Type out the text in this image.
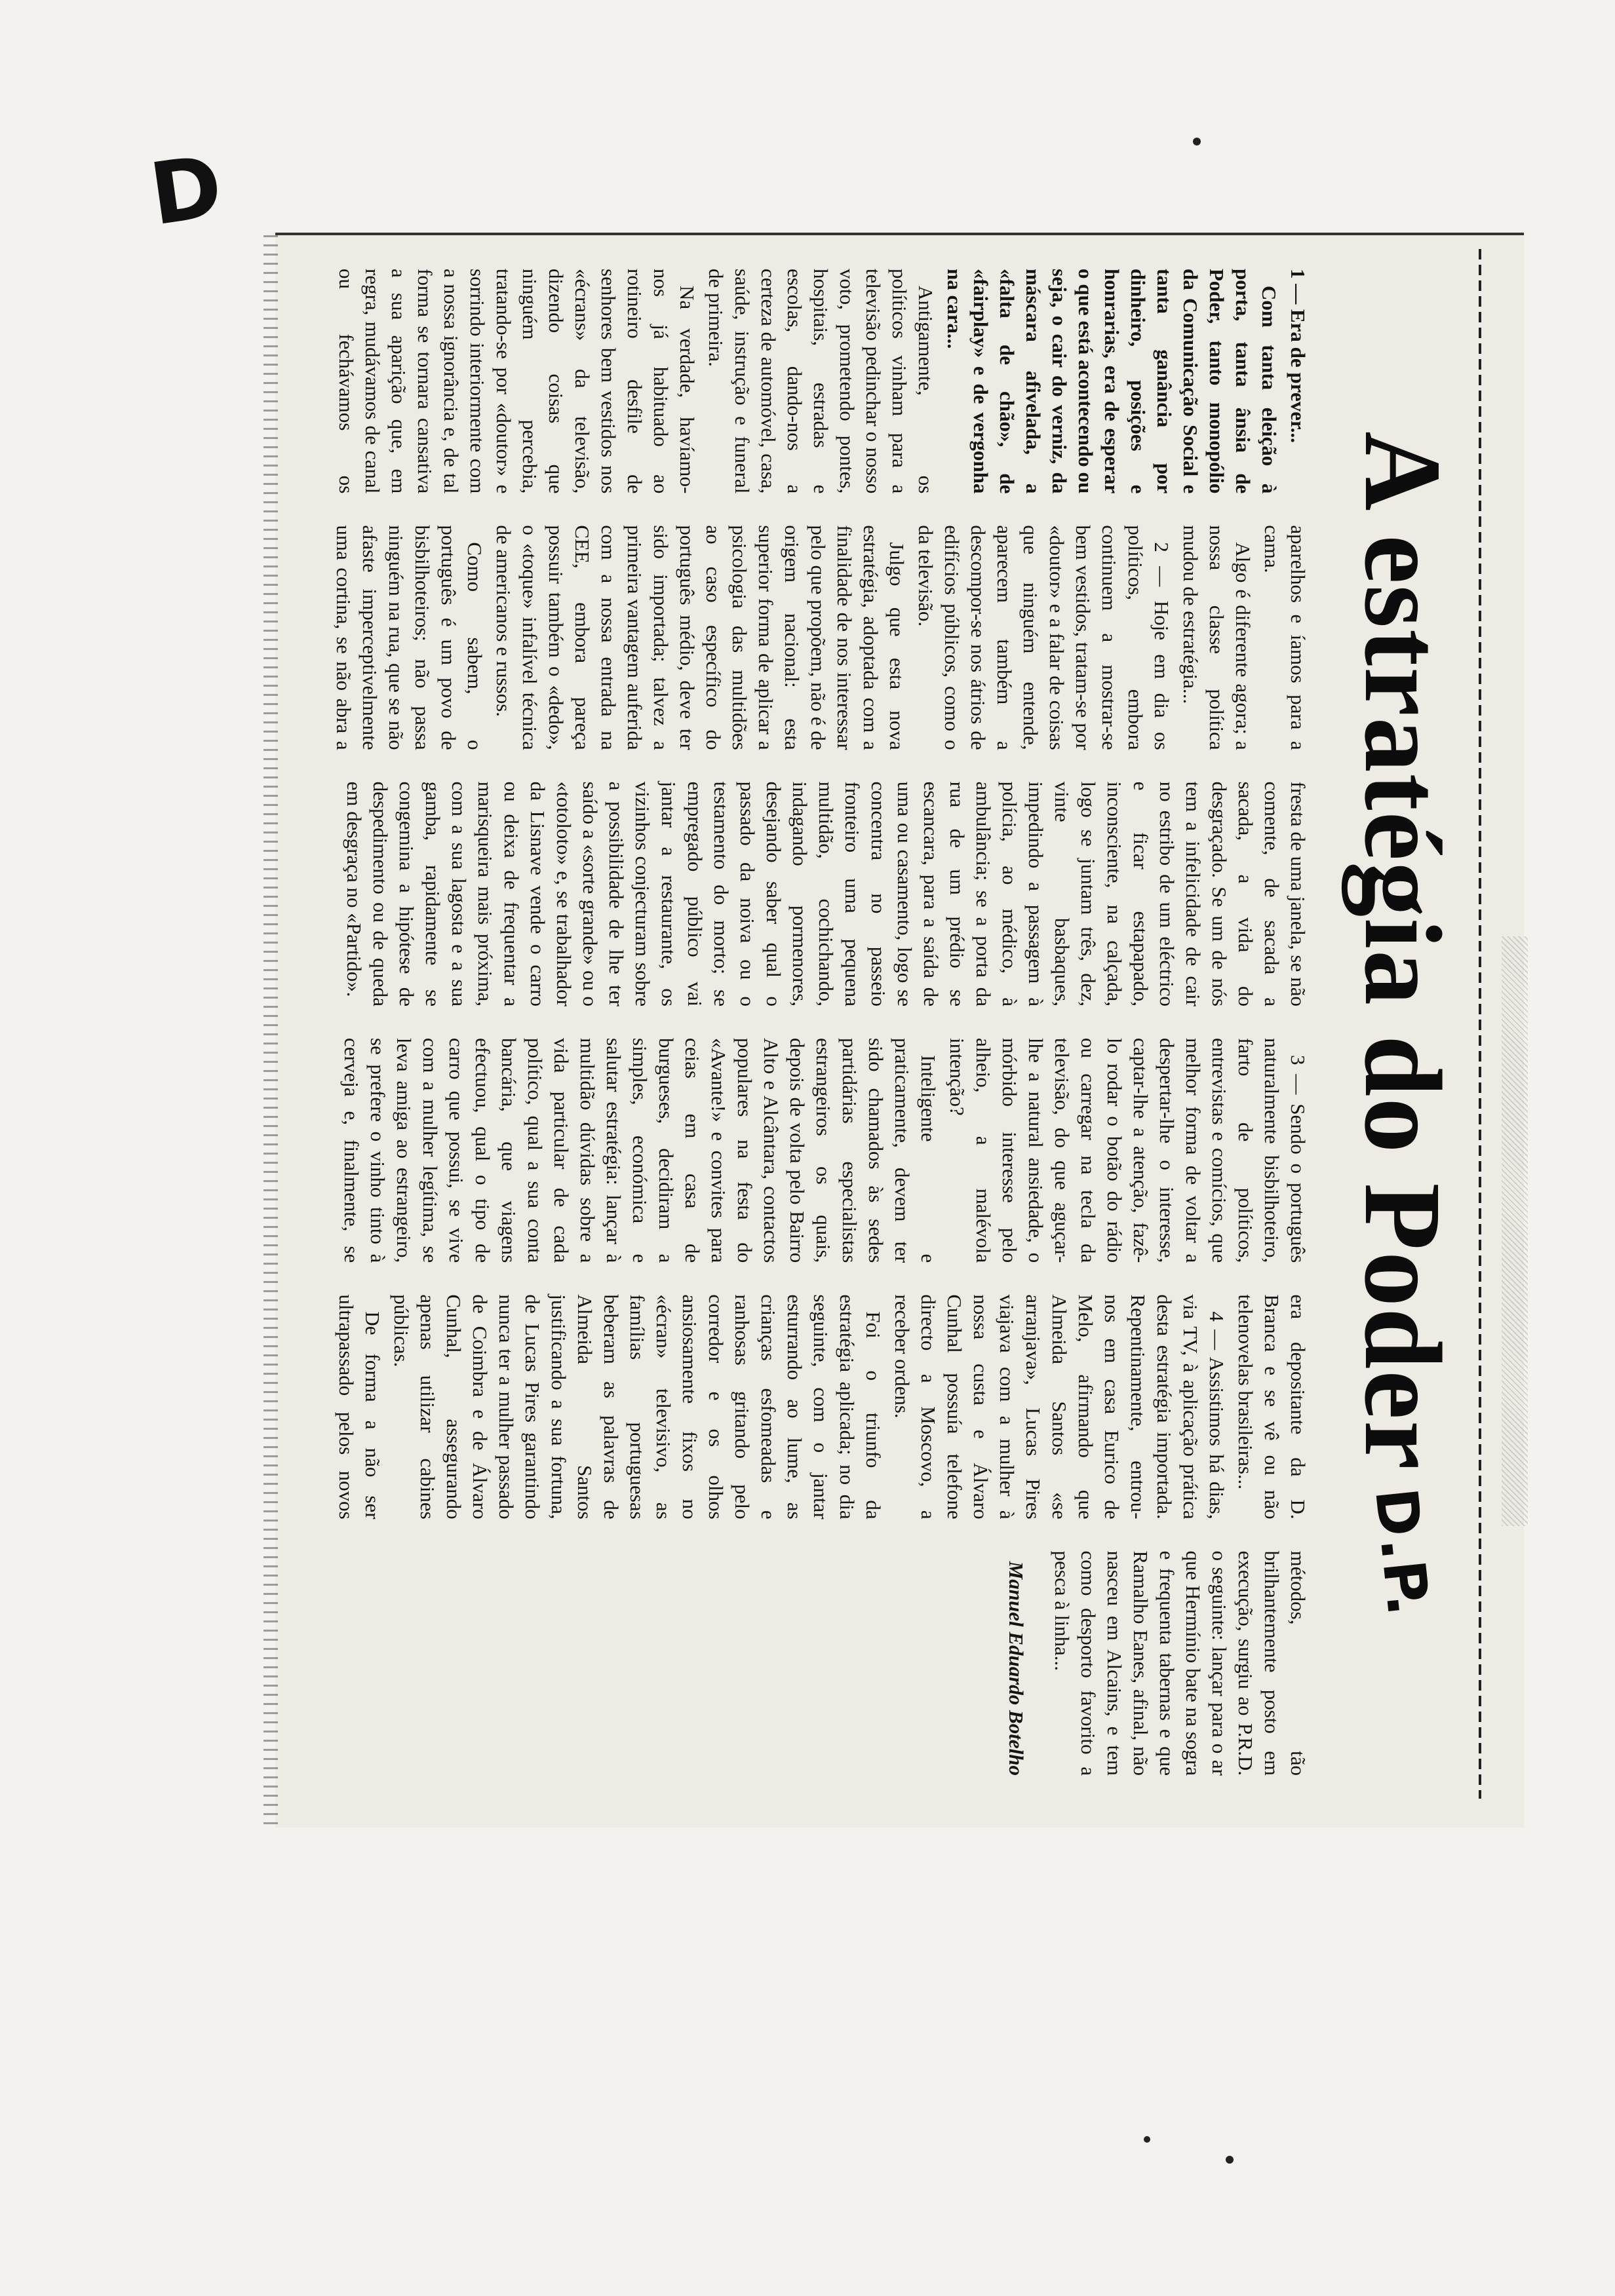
D
A estratégia do Poder
D.P.

1 — Era de prever...

Com tanta eleição à porta, tanta ânsia de Poder, tanto monopólio da Comunicação Social e tanta ganância por dinheiro, posições e honrarias, era de esperar o que está acontecendo ou seja, o cair do verniz, da máscara afivelada, a «falta de chão», de «fairplay» e de vergonha na cara...

Antigamente, os políticos vinham para a televisão pedinchar o nosso voto, prometendo pontes, hospitais, estradas e escolas, dando-nos a certeza de automóvel, casa, saúde, instrução e funeral de primeira.

Na verdade, havíamo-nos já habituado ao rotineiro desfile de senhores bem vestidos nos «écrans» da televisão, dizendo coisas que ninguém percebia, tratando-se por «doutor» e sorrindo interiormente com a nossa ignorância e, de tal forma se tornara cansativa a sua aparição que, em regra, mudávamos de canal ou fechávamos os aparelhos e íamos para a cama.

Algo é diferente agora; a nossa classe política mudou de estratégia...

2 — Hoje em dia os políticos, embora continuem a mostrar-se bem vestidos, tratam-se por «doutor» e a falar de coisas que ninguém entende, aparecem também a descompor-se nos átrios de edifícios públicos, como o da televisão.

Julgo que esta nova estratégia, adoptada com a finalidade de nos interessar pelo que propõem, não é de origem nacional: esta superior forma de aplicar a psicologia das multidões ao caso específico do português médio, deve ter sido importada; talvez a primeira vantagem auferida com a nossa entrada na CEE, embora pareça possuir também o «dedo», o «toque» infalível técnica de americanos e russos.

Como sabem, o português é um povo de bisbilhoteiros; não passa ninguém na rua, que se não afaste imperceptivelmente uma cortina, se não abra a fresta de uma janela, se não comente, de sacada a sacada, a vida do desgraçado. Se um de nós tem a infelicidade de cair no estribo de um eléctrico e ficar estapapado, inconsciente, na calçada, logo se juntam três, dez, vinte basbaques, impedindo a passagem à polícia, ao médico, à ambulância; se a porta da rua de um prédio se escancara, para a saída de uma ou casamento, logo se concentra no passeio fronteiro uma pequena multidão, cochichando, indagando pormenores, desejando saber qual o passado da noiva ou o testamento do morto; se empregado público vai jantar a restaurante, os vizinhos conjecturam sobre a possibilidade de lhe ter saído a «sorte grande» ou o «totoloto» e, se trabalhador da Lisnave vende o carro ou deixa de frequentar a marisqueira mais próxima, com a sua lagosta e a sua gamba, rapidamente se congemina a hipótese de despedimento ou de queda em desgraça no «Partido».

3 — Sendo o português naturalmente bisbilhoteiro, farto de políticos, entrevistas e comícios, que melhor forma de voltar a despertar-lhe o interesse, captar-lhe a atenção, fazê-lo rodar o botão do rádio ou carregar na tecla da televisão, do que aguçar-lhe a natural ansiedade, o mórbido interesse pelo alheio, a malévola intenção?

Inteligente e praticamente, devem ter sido chamados às sedes partidárias especialistas estrangeiros os quais, depois de volta pelo Bairro Alto e Alcântara, contactos populares na festa do «Avante!» e convites para ceias em casa de burgueses, decidiram a simples, económica e salutar estratégia: lançar à multidão dúvidas sobre a vida particular de cada político, qual a sua conta bancária, que viagens efectuou, qual o tipo de carro que possui, se vive com a mulher legítima, se leva amiga ao estrangeiro, se prefere o vinho tinto à cerveja e, finalmente, se era depositante da D. Branca e se vê ou não telenovelas brasileiras...

4 — Assistimos há dias, via TV, à aplicação prática desta estratégia importada. Repentinamente, entrou-nos em casa Eurico de Melo, afirmando que Almeida Santos «se arranjava», Lucas Pires viajava com a mulher à nossa custa e Álvaro Cunhal possuía telefone directo a Moscovo, a receber ordens.

Foi o triunfo da estratégia aplicada; no dia seguinte, com o jantar esturrando ao lume, as crianças esfomeadas e ranhosas gritando pelo corredor e os olhos ansiosamente fixos no «écran» televisivo, as famílias portuguesas beberam as palavras de Almeida Santos justificando a sua fortuna, de Lucas Pires garantindo nunca ter a mulher passado de Coimbra e de Álvaro Cunhal, assegurando apenas utilizar cabines públicas.

De forma a não ser ultrapassado pelos novos métodos, tão brilhantemente posto em execução, surgiu ao P.R.D. o seguinte: lançar para o ar que Hermínio bate na sogra e frequenta tabernas e que Ramalho Eanes, afinal, não nasceu em Alcains, e tem como desporto favorito a pesca à linha...

Manuel Eduardo Botelho
